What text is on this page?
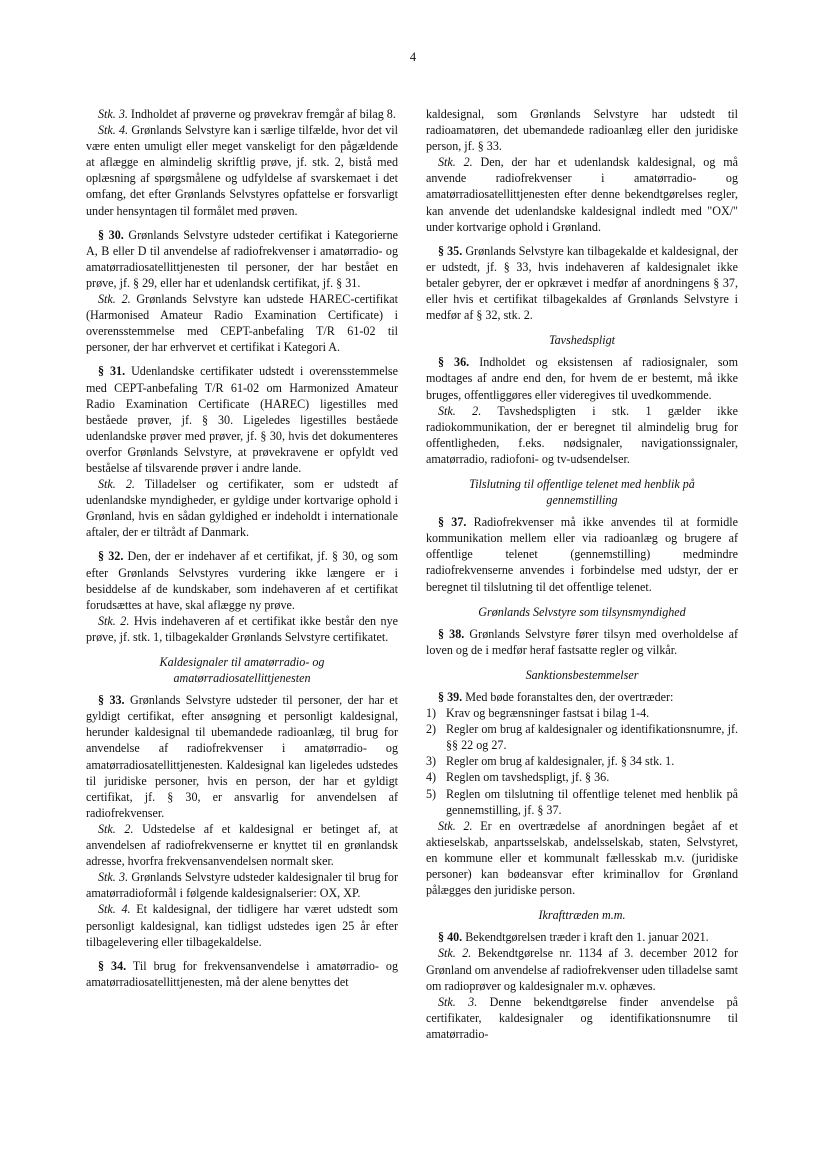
4

Stk. 3. Indholdet af prøverne og prøvekrav fremgår af bilag 8.

Stk. 4. Grønlands Selvstyre kan i særlige tilfælde, hvor det vil være enten umuligt eller meget vanskeligt for den pågældende at aflægge en almindelig skriftlig prøve, jf. stk. 2, bistå med oplæsning af spørgsmålene og udfyldelse af svarskemaet i det omfang, det efter Grønlands Selvstyres opfattelse er forsvarligt under hensyntagen til formålet med prøven.

§ 30. Grønlands Selvstyre udsteder certifikat i Kategorierne A, B eller D til anvendelse af radiofrekvenser i amatørradio- og amatørradiosatellittjenesten til personer, der har bestået en prøve, jf. § 29, eller har et udenlandsk certifikat, jf. § 31.

Stk. 2. Grønlands Selvstyre kan udstede HAREC-certifikat (Harmonised Amateur Radio Examination Certificate) i overensstemmelse med CEPT-anbefaling T/R 61-02 til personer, der har erhvervet et certifikat i Kategori A.

§ 31. Udenlandske certifikater udstedt i overensstemmelse med CEPT-anbefaling T/R 61-02 om Harmonized Amateur Radio Examination Certificate (HAREC) ligestilles med beståede prøver, jf. § 30. Ligeledes ligestilles beståede udenlandske prøver med prøver, jf. § 30, hvis det dokumenteres overfor Grønlands Selvstyre, at prøvekravene er opfyldt ved beståelse af tilsvarende prøver i andre lande.

Stk. 2. Tilladelser og certifikater, som er udstedt af udenlandske myndigheder, er gyldige under kortvarige ophold i Grønland, hvis en sådan gyldighed er indeholdt i internationale aftaler, der er tiltrådt af Danmark.

§ 32. Den, der er indehaver af et certifikat, jf. § 30, og som efter Grønlands Selvstyres vurdering ikke længere er i besiddelse af de kundskaber, som indehaveren af et certifikat forudsættes at have, skal aflægge ny prøve.

Stk. 2. Hvis indehaveren af et certifikat ikke består den nye prøve, jf. stk. 1, tilbagekalder Grønlands Selvstyre certifikatet.

Kaldesignaler til amatørradio- og
amatørradiosatellittjenesten

§ 33. Grønlands Selvstyre udsteder til personer, der har et gyldigt certifikat, efter ansøgning et personligt kaldesignal, herunder kaldesignal til ubemandede radioanlæg, til brug for anvendelse af radiofrekvenser i amatørradio- og amatørradiosatellittjenesten. Kaldesignal kan ligeledes udstedes til juridiske personer, hvis en person, der har et gyldigt certifikat, jf. § 30, er ansvarlig for anvendelsen af radiofrekvenser.

Stk. 2. Udstedelse af et kaldesignal er betinget af, at anvendelsen af radiofrekvenserne er knyttet til en grønlandsk adresse, hvorfra frekvensanvendelsen normalt sker.

Stk. 3. Grønlands Selvstyre udsteder kaldesignaler til brug for amatørradioformål i følgende kaldesignalserier: OX, XP.

Stk. 4. Et kaldesignal, der tidligere har været udstedt som personligt kaldesignal, kan tidligst udstedes igen 25 år efter tilbagelevering eller tilbagekaldelse.

§ 34. Til brug for frekvensanvendelse i amatørradio- og amatørradiosatellittjenesten, må der alene benyttes det

kaldesignal, som Grønlands Selvstyre har udstedt til radioamatøren, det ubemandede radioanlæg eller den juridiske person, jf. § 33.

Stk. 2. Den, der har et udenlandsk kaldesignal, og må anvende radiofrekvenser i amatørradio- og amatørradiosatellittjenesten efter denne bekendtgørelses regler, kan anvende det udenlandske kaldesignal indledt med "OX/" under kortvarige ophold i Grønland.

§ 35. Grønlands Selvstyre kan tilbagekalde et kaldesignal, der er udstedt, jf. § 33, hvis indehaveren af kaldesignalet ikke betaler gebyrer, der er opkrævet i medfør af anordningens § 37, eller hvis et certifikat tilbagekaldes af Grønlands Selvstyre i medfør af § 32, stk. 2.

Tavshedspligt

§ 36. Indholdet og eksistensen af radiosignaler, som modtages af andre end den, for hvem de er bestemt, må ikke bruges, offentliggøres eller videregives til uvedkommende.

Stk. 2. Tavshedspligten i stk. 1 gælder ikke radiokommunikation, der er beregnet til almindelig brug for offentligheden, f.eks. nødsignaler, navigationssignaler, amatørradio, radiofoni- og tv-udsendelser.

Tilslutning til offentlige telenet med henblik på
gennemstilling

§ 37. Radiofrekvenser må ikke anvendes til at formidle kommunikation mellem eller via radioanlæg og brugere af offentlige telenet (gennemstilling) medmindre radiofrekvenserne anvendes i forbindelse med udstyr, der er beregnet til tilslutning til det offentlige telenet.

Grønlands Selvstyre som tilsynsmyndighed

§ 38. Grønlands Selvstyre fører tilsyn med overholdelse af loven og de i medfør heraf fastsatte regler og vilkår.

Sanktionsbestemmelser

§ 39. Med bøde foranstaltes den, der overtræder:

1) Krav og begrænsninger fastsat i bilag 1-4.
2) Regler om brug af kaldesignaler og identifikationsnumre, jf. §§ 22 og 27.
3) Regler om brug af kaldesignaler, jf. § 34 stk. 1.
4) Reglen om tavshedspligt, jf. § 36.
5) Reglen om tilslutning til offentlige telenet med henblik på gennemstilling, jf. § 37.

Stk. 2. Er en overtrædelse af anordningen begået af et aktieselskab, anpartsselskab, andelsselskab, staten, Selvstyret, en kommune eller et kommunalt fællesskab m.v. (juridiske personer) kan bødeansvar efter kriminallov for Grønland pålægges den juridiske person.

Ikrafttræden m.m.

§ 40. Bekendtgørelsen træder i kraft den 1. januar 2021.

Stk. 2. Bekendtgørelse nr. 1134 af 3. december 2012 for Grønland om anvendelse af radiofrekvenser uden tilladelse samt om radioprøver og kaldesignaler m.v. ophæves.

Stk. 3. Denne bekendtgørelse finder anvendelse på certifikater, kaldesignaler og identifikationsnumre til amatørradio-
